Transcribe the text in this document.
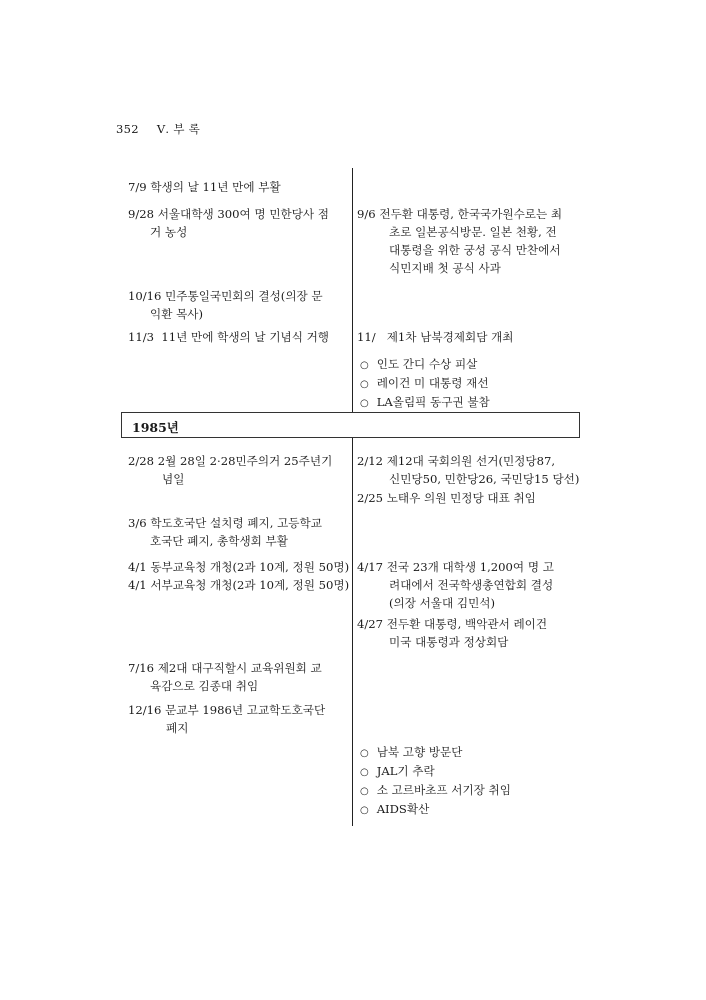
352 Ⅴ. 부 록
7/9 학생의 날 11년 만에 부활
9/28 서울대학생 300여 명 민한당사 점
거 농성
10/16 민주통일국민회의 결성(의장 문
익환 목사)
11/3 11년 만에 학생의 날 기념식 거행
9/6 전두환 대통령, 한국국가원수로는 최
초로 일본공식방문. 일본 천황, 전
대통령을 위한 궁성 공식 만찬에서
식민지배 첫 공식 사과
11/ 제1차 남북경제회담 개최
○ 인도 간디 수상 피살
○ 레이건 미 대통령 재선
○ LA올림픽 동구권 불참
1985년
2/28 2월 28일 2·28민주의거 25주년기
념일
3/6 학도호국단 설치령 폐지, 고등학교
호국단 폐지, 총학생회 부활
4/1 동부교육청 개청(2과 10계, 정원 50명)
4/1 서부교육청 개청(2과 10계, 정원 50명)
7/16 제2대 대구직할시 교육위원회 교
육감으로 김종대 취임
12/16 문교부 1986년 고교학도호국단
폐지
2/12 제12대 국회의원 선거(민정당87,
신민당50, 민한당26, 국민당15 당선)
2/25 노태우 의원 민정당 대표 취임
4/17 전국 23개 대학생 1,200여 명 고
려대에서 전국학생총연합회 결성
(의장 서울대 김민석)
4/27 전두환 대통령, 백악관서 레이건
미국 대통령과 정상회담
○ 남북 고향 방문단
○ JAL기 추락
○ 소 고르바초프 서기장 취임
○ AIDS확산
